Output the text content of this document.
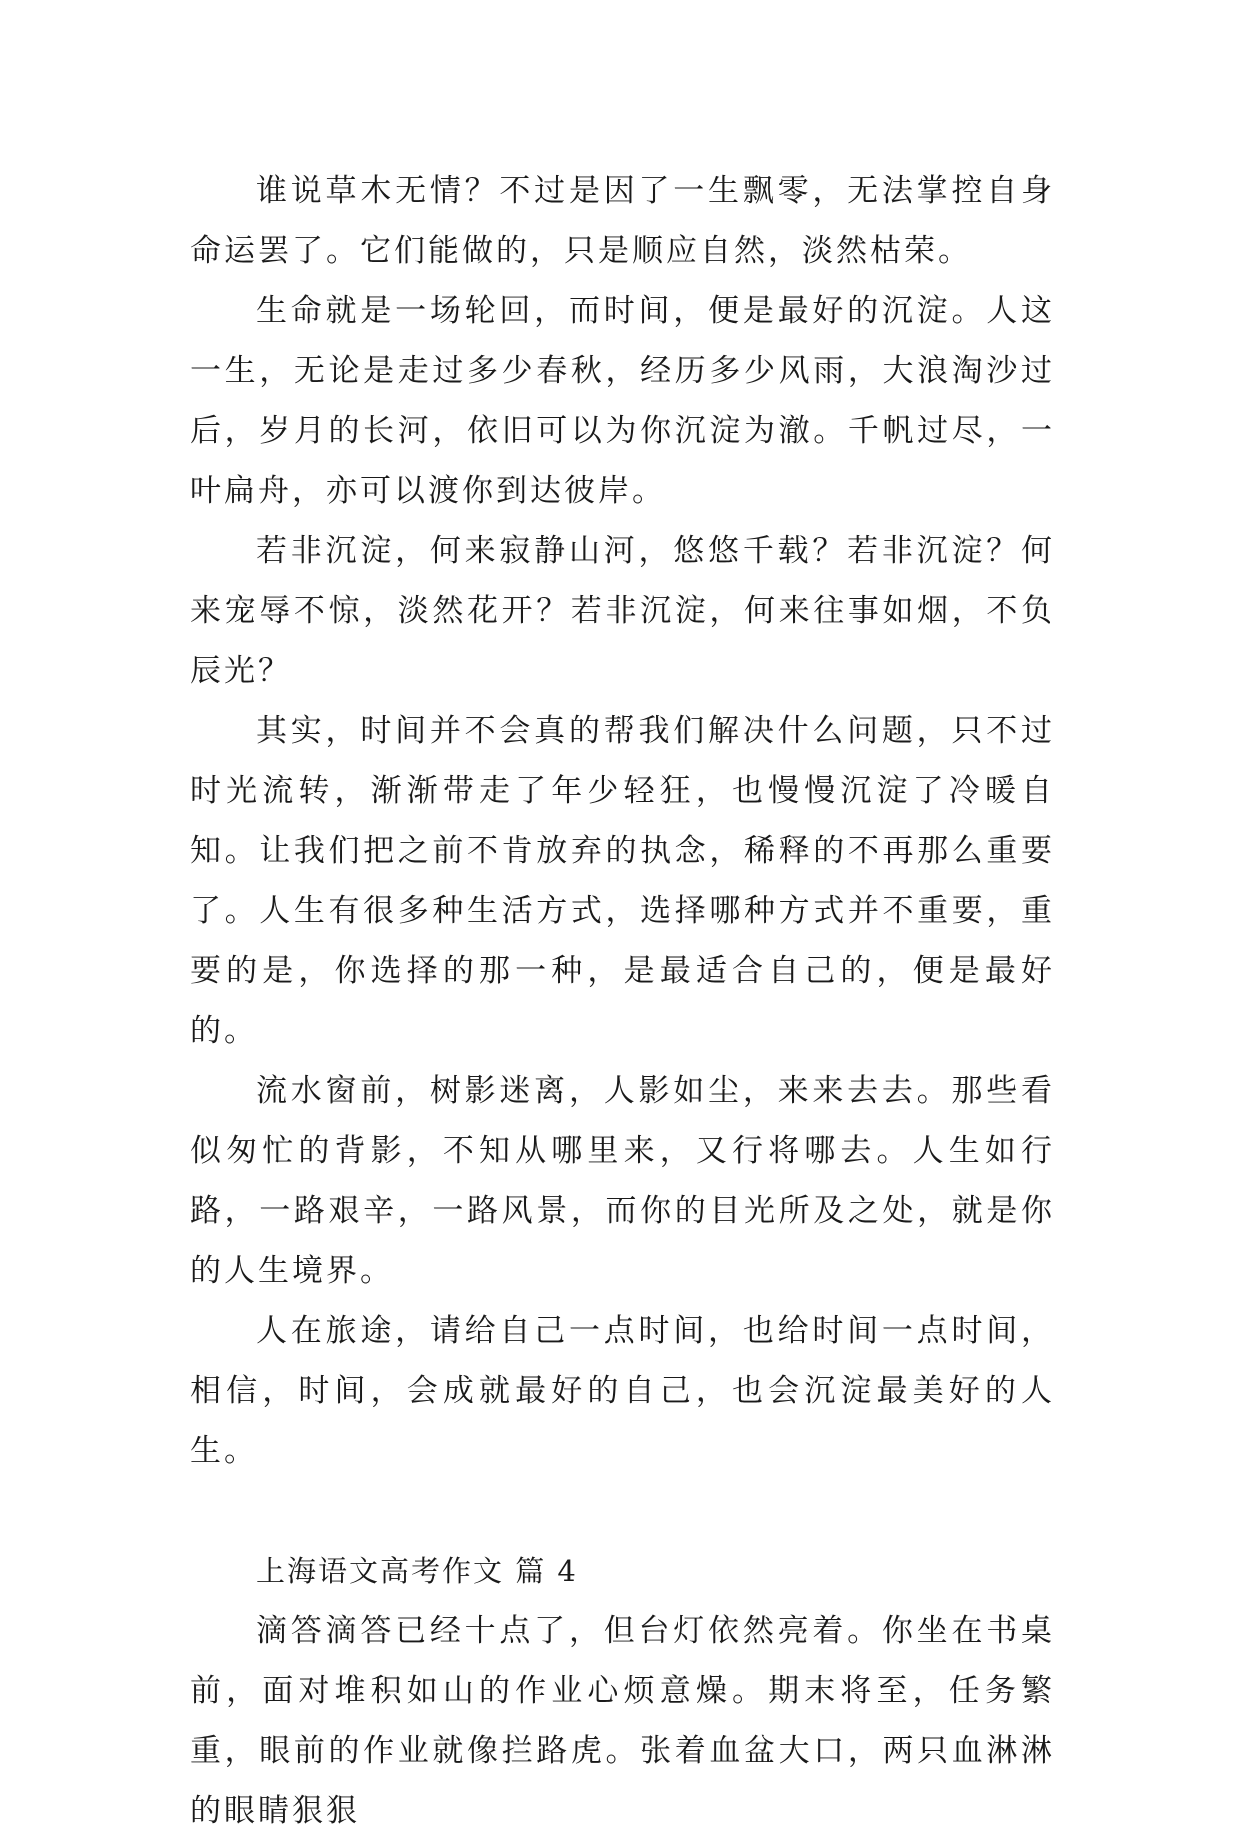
谁说草木无情？不过是因了一生飘零，无法掌控自身命运罢了。它们能做的，只是顺应自然，淡然枯荣。

生命就是一场轮回，而时间，便是最好的沉淀。人这一生，无论是走过多少春秋，经历多少风雨，大浪淘沙过后，岁月的长河，依旧可以为你沉淀为澈。千帆过尽，一叶扁舟，亦可以渡你到达彼岸。

若非沉淀，何来寂静山河，悠悠千载？若非沉淀？何来宠辱不惊，淡然花开？若非沉淀，何来往事如烟，不负辰光？

其实，时间并不会真的帮我们解决什么问题，只不过时光流转，渐渐带走了年少轻狂，也慢慢沉淀了冷暖自知。让我们把之前不肯放弃的执念，稀释的不再那么重要了。人生有很多种生活方式，选择哪种方式并不重要，重要的是，你选择的那一种，是最适合自己的，便是最好的。

流水窗前，树影迷离，人影如尘，来来去去。那些看似匆忙的背影，不知从哪里来，又行将哪去。人生如行路，一路艰辛，一路风景，而你的目光所及之处，就是你的人生境界。

人在旅途，请给自己一点时间，也给时间一点时间，相信，时间，会成就最好的自己，也会沉淀最美好的人生。

上海语文高考作文 篇 4

滴答滴答已经十点了，但台灯依然亮着。你坐在书桌前，面对堆积如山的作业心烦意燥。期末将至，任务繁重，眼前的作业就像拦路虎。张着血盆大口，两只血淋淋的眼睛狠狠
